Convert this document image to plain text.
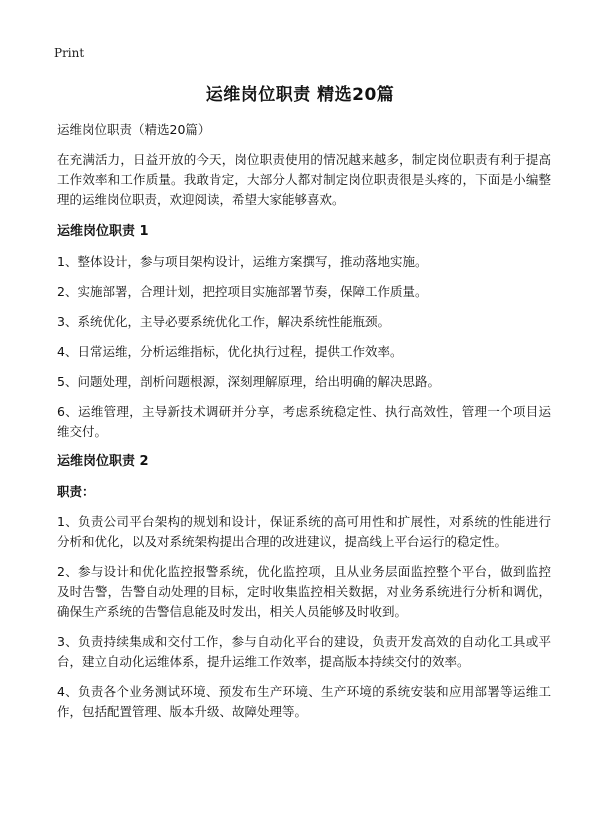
Print
运维岗位职责 精选20篇

运维岗位职责（精选20篇）

在充满活力，日益开放的今天，岗位职责使用的情况越来越多，制定岗位职责有利于提高工作效率和工作质量。我敢肯定，大部分人都对制定岗位职责很是头疼的，下面是小编整理的运维岗位职责，欢迎阅读，希望大家能够喜欢。

运维岗位职责 1

1、整体设计，参与项目架构设计，运维方案撰写，推动落地实施。

2、实施部署，合理计划，把控项目实施部署节奏，保障工作质量。

3、系统优化，主导必要系统优化工作，解决系统性能瓶颈。

4、日常运维，分析运维指标，优化执行过程，提供工作效率。

5、问题处理，剖析问题根源，深刻理解原理，给出明确的解决思路。

6、运维管理，主导新技术调研并分享，考虑系统稳定性、执行高效性，管理一个项目运维交付。

运维岗位职责 2
职责：

1、负责公司平台架构的规划和设计，保证系统的高可用性和扩展性，对系统的性能进行分析和优化，以及对系统架构提出合理的改进建议，提高线上平台运行的稳定性。

2、参与设计和优化监控报警系统，优化监控项，且从业务层面监控整个平台，做到监控及时告警，告警自动处理的目标，定时收集监控相关数据，对业务系统进行分析和调优，确保生产系统的告警信息能及时发出，相关人员能够及时收到。

3、负责持续集成和交付工作，参与自动化平台的建设，负责开发高效的自动化工具或平台，建立自动化运维体系，提升运维工作效率，提高版本持续交付的效率。

4、负责各个业务测试环境、预发布生产环境、生产环境的系统安装和应用部署等运维工作，包括配置管理、版本升级、故障处理等。
